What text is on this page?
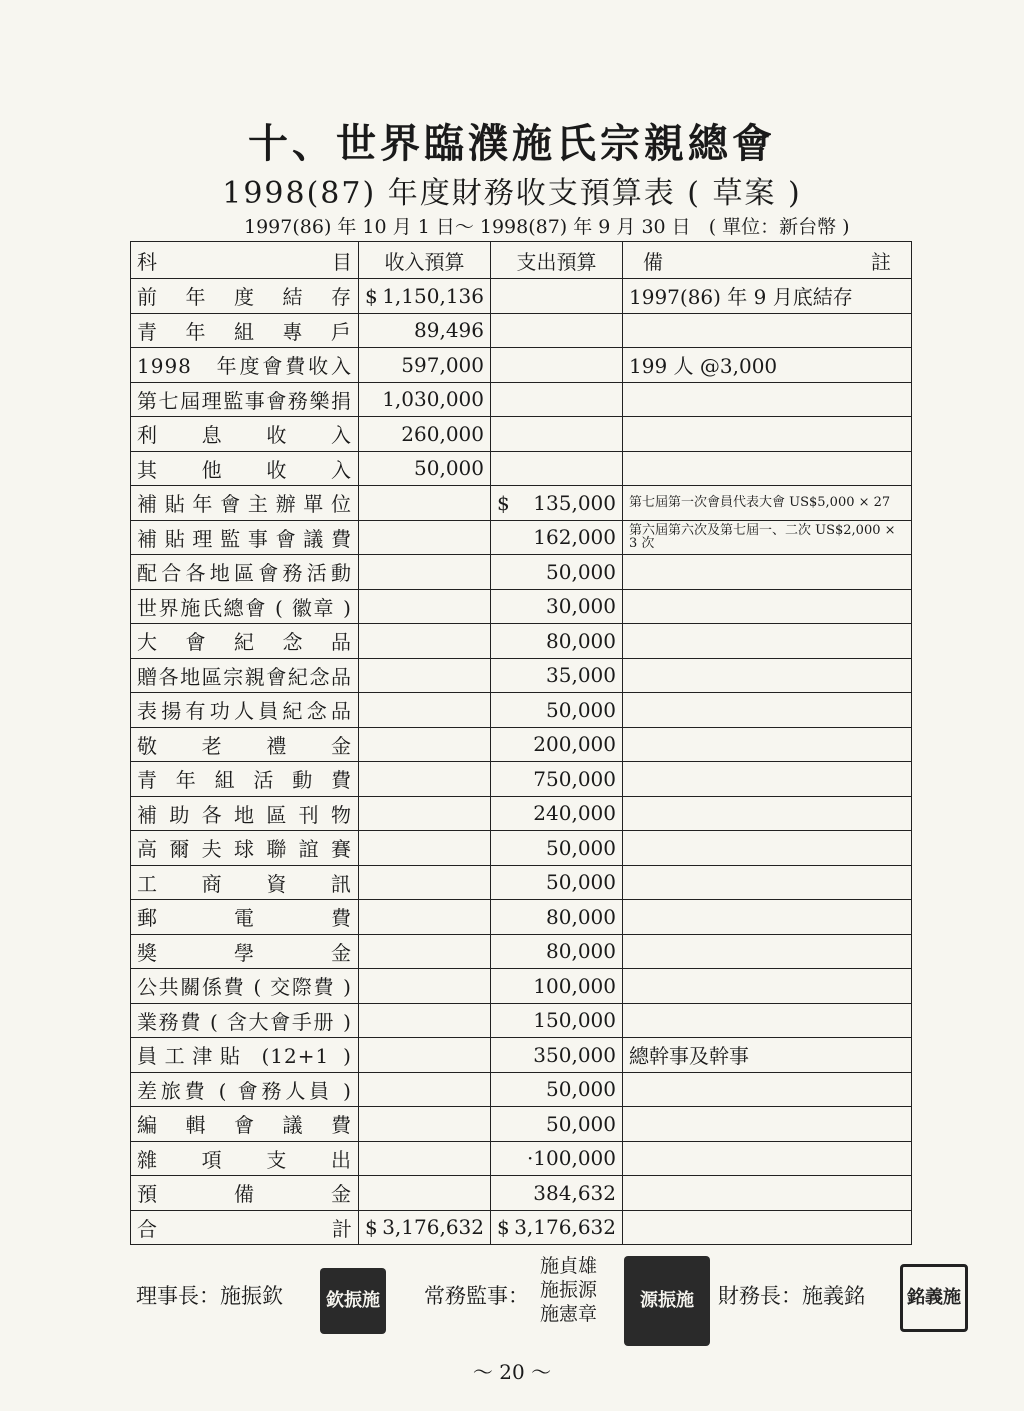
十、世界臨濮施氏宗親總會
1998(87) 年度財務收支預算表 ( 草案 )
1997(86) 年 10 月 1 日～ 1998(87) 年 9 月 30 日 ( 單位：新台幣 )
科 目	收入預算	支出預算	備 註

前年度結存	$ 1,150,136		1997(86) 年 9 月底結存

青年組專戶	89,496		

1998　年度會費收入	597,000		199 人 @3,000

第七屆理監事會務樂捐	1,030,000		

利息收入	260,000		

其他收入	50,000		

補貼年會主辦單位		$ 135,000	第七屆第一次會員代表大會 US$5,000 × 27

補貼理監事會議費		162,000	第六屆第六次及第七屆一、二次 US$2,000 × 3 次

配合各地區會務活動		50,000	

世界施氏總會 ( 徽章 )		30,000	

大會紀念品		80,000	

贈各地區宗親會紀念品		35,000	

表揚有功人員紀念品		50,000	

敬老禮金		200,000	

青年組活動費		750,000	

補助各地區刊物		240,000	

高爾夫球聯誼賽		50,000	

工商資訊		50,000	

郵電費		80,000	

獎學金		80,000	

公共關係費 ( 交際費 )		100,000	

業務費 ( 含大會手册 )		150,000	

員工津貼 (12+1 )		350,000	總幹事及幹事

差旅費 ( 會務人員 )		50,000	

編輯會議費		50,000	

雜項支出		·100,000	

預備金		384,632	

合 計	$ 3,176,632	$ 3,176,632	

理事長：施振欽 欽振施 常務監事：
施貞雄
施振源
施憲章
源振施 財務長：施義銘 銘義施
～ 20 ～
